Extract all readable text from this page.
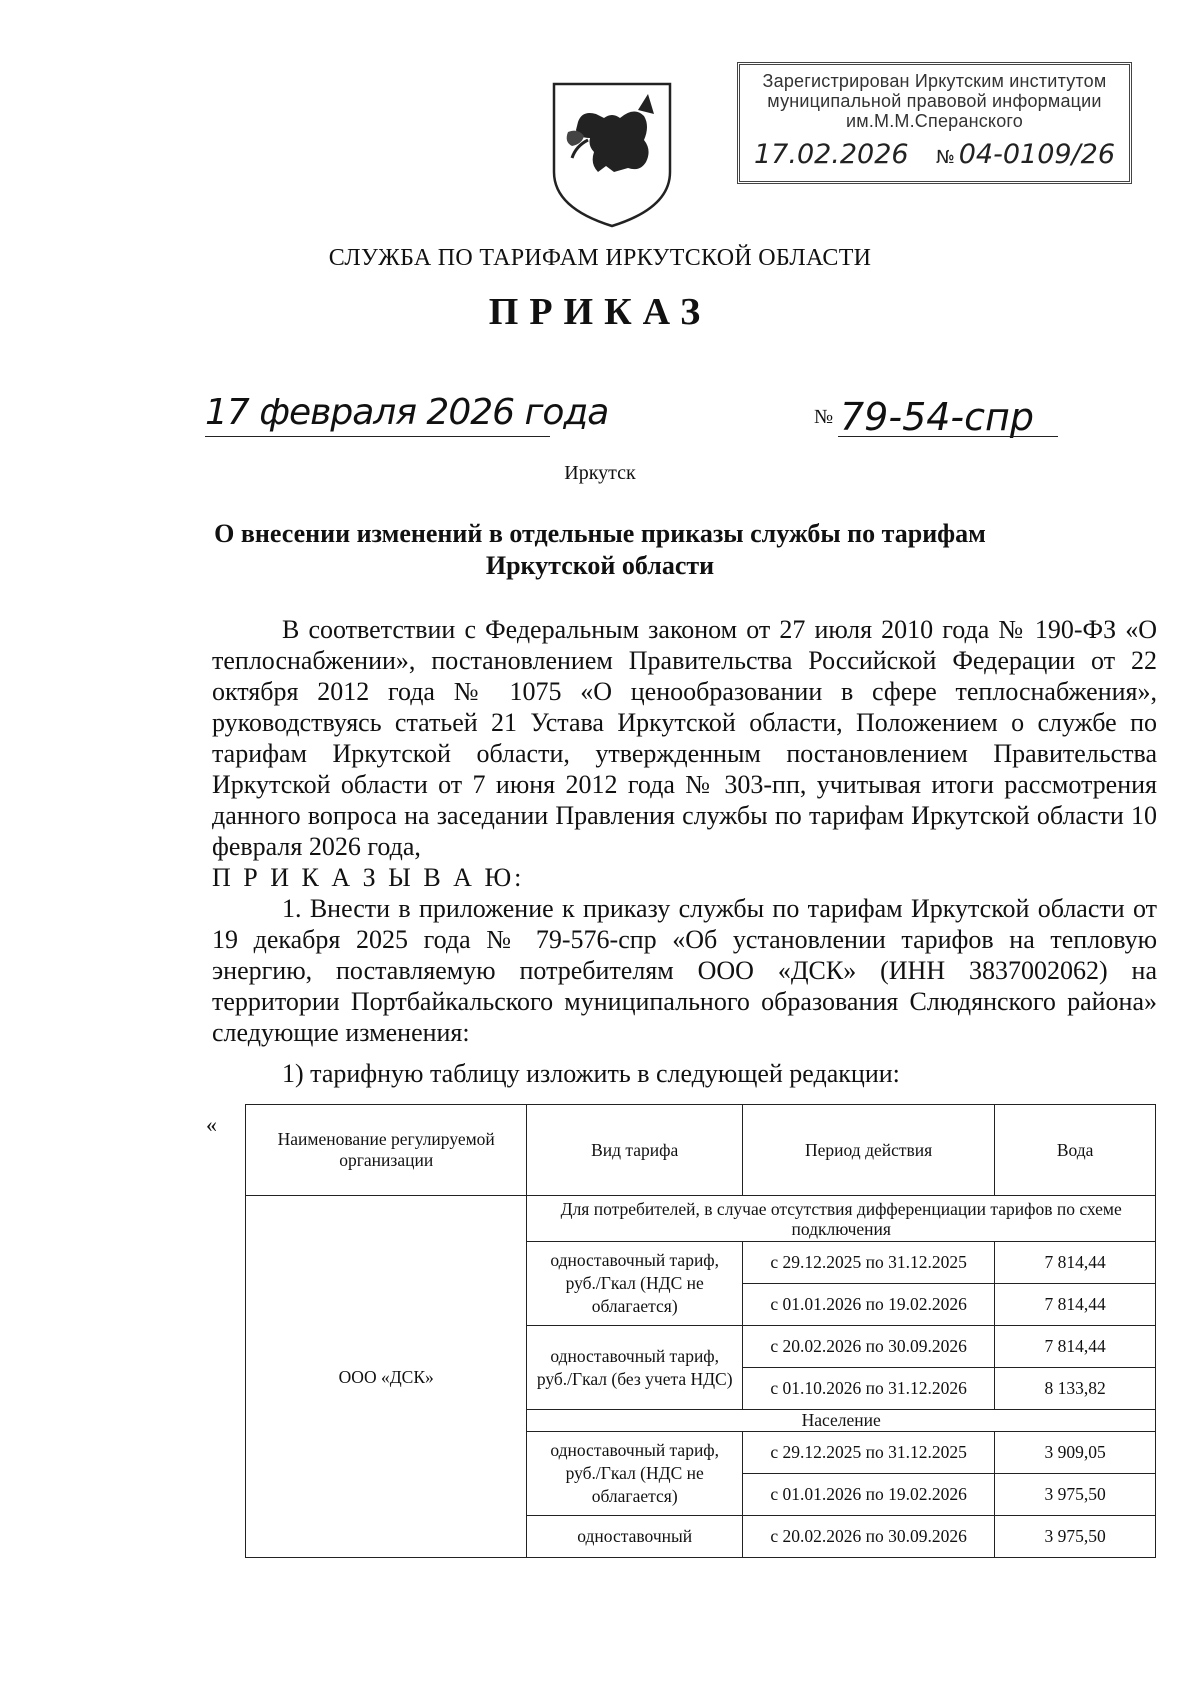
Зарегистрирован Иркутским институтом
муниципальной правовой информации
им.М.М.Сперанского
17.02.2026 № 04-0109/26
СЛУЖБА ПО ТАРИФАМ ИРКУТСКОЙ ОБЛАСТИ
ПРИКАЗ
17 февраля 2026 года	№ 79-54-спр
Иркутск
О внесении изменений в отдельные приказы службы по тарифам
Иркутской области
В соответствии с Федеральным законом от 27 июля 2010 года № 190-ФЗ «О теплоснабжении», постановлением Правительства Российской Федерации от 22 октября 2012 года № 1075 «О ценообразовании в сфере теплоснабжения», руководствуясь статьей 21 Устава Иркутской области, Положением о службе по тарифам Иркутской области, утвержденным постановлением Правительства Иркутской области от 7 июня 2012 года № 303-пп, учитывая итоги рассмотрения данного вопроса на заседании Правления службы по тарифам Иркутской области 10 февраля 2026 года,
П Р И К А З Ы В А Ю:
1. Внести в приложение к приказу службы по тарифам Иркутской области от 19 декабря 2025 года № 79-576-спр «Об установлении тарифов на тепловую энергию, поставляемую потребителям ООО «ДСК» (ИНН 3837002062) на территории Портбайкальского муниципального образования Слюдянского района» следующие изменения:
1) тарифную таблицу изложить в следующей редакции:
«
Наименование регулируемой организации	Вид тарифа	Период действия	Вода
ООО «ДСК»	Для потребителей, в случае отсутствия дифференциации тарифов по схеме подключения		
	одноставочный тариф, руб./Гкал (НДС не облагается)	с 29.12.2025 по 31.12.2025	7 814,44
		с 01.01.2026 по 19.02.2026	7 814,44
	одноставочный тариф, руб./Гкал (без учета НДС)	с 20.02.2026 по 30.09.2026	7 814,44
		с 01.10.2026 по 31.12.2026	8 133,82
	Население		
	одноставочный тариф, руб./Гкал (НДС не облагается)	с 29.12.2025 по 31.12.2025	3 909,05
		с 01.01.2026 по 19.02.2026	3 975,50
	одноставочный	с 20.02.2026 по 30.09.2026	3 975,50
